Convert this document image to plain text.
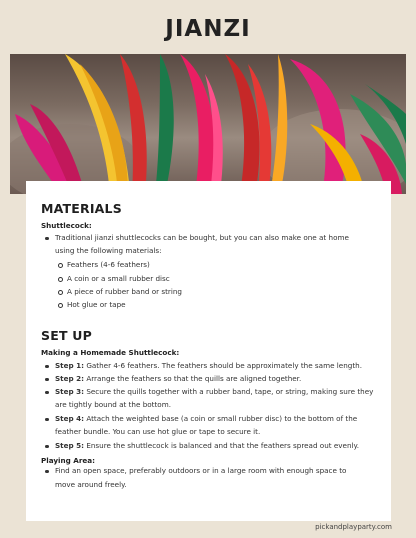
JIANZI
MATERIALS

Shuttlecock:

Traditional jianzi shuttlecocks can be bought, but you can also make one at home

using the following materials:

Feathers (4-6 feathers)

A coin or a small rubber disc

A piece of rubber band or string

Hot glue or tape

SET UP

Making a Homemade Shuttlecock:

Step 1: Gather 4-6 feathers. The feathers should be approximately the same length.

Step 2: Arrange the feathers so that the quills are aligned together.

Step 3: Secure the quills together with a rubber band, tape, or string, making sure they

are tightly bound at the bottom.

Step 4: Attach the weighted base (a coin or small rubber disc) to the bottom of the

feather bundle. You can use hot glue or tape to secure it.

Step 5: Ensure the shuttlecock is balanced and that the feathers spread out evenly.

Playing Area:

Find an open space, preferably outdoors or in a large room with enough space to

move around freely.

pickandplayparty.com
